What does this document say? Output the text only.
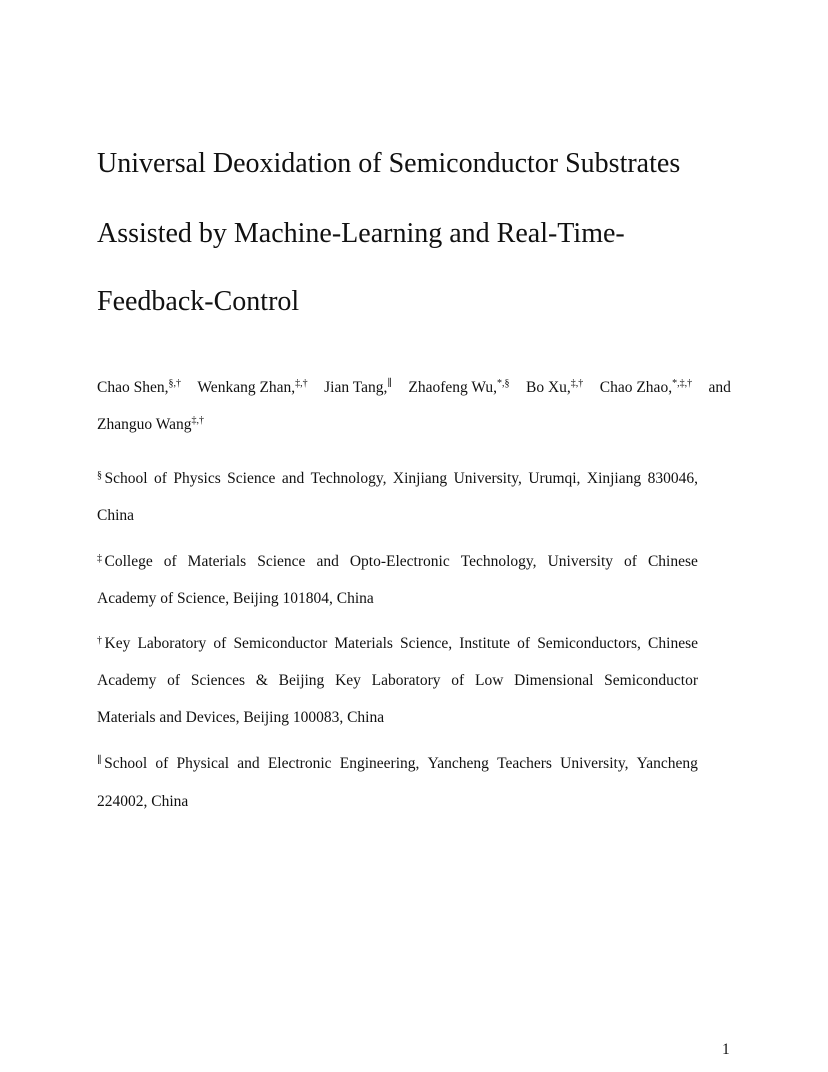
Universal Deoxidation of Semiconductor Substrates
Assisted by Machine-Learning and Real-Time-
Feedback-Control
Chao Shen,§,† Wenkang Zhan,‡,† Jian Tang,∥ Zhaofeng Wu,*,§ Bo Xu,‡,† Chao Zhao,*,‡,† and
Zhanguo Wang‡,†
§ School of Physics Science and Technology, Xinjiang University, Urumqi, Xinjiang 830046,
China
‡ College of Materials Science and Opto-Electronic Technology, University of Chinese
Academy of Science, Beijing 101804, China
† Key Laboratory of Semiconductor Materials Science, Institute of Semiconductors, Chinese
Academy of Sciences & Beijing Key Laboratory of Low Dimensional Semiconductor
Materials and Devices, Beijing 100083, China
∥ School of Physical and Electronic Engineering, Yancheng Teachers University, Yancheng
224002, China
1
